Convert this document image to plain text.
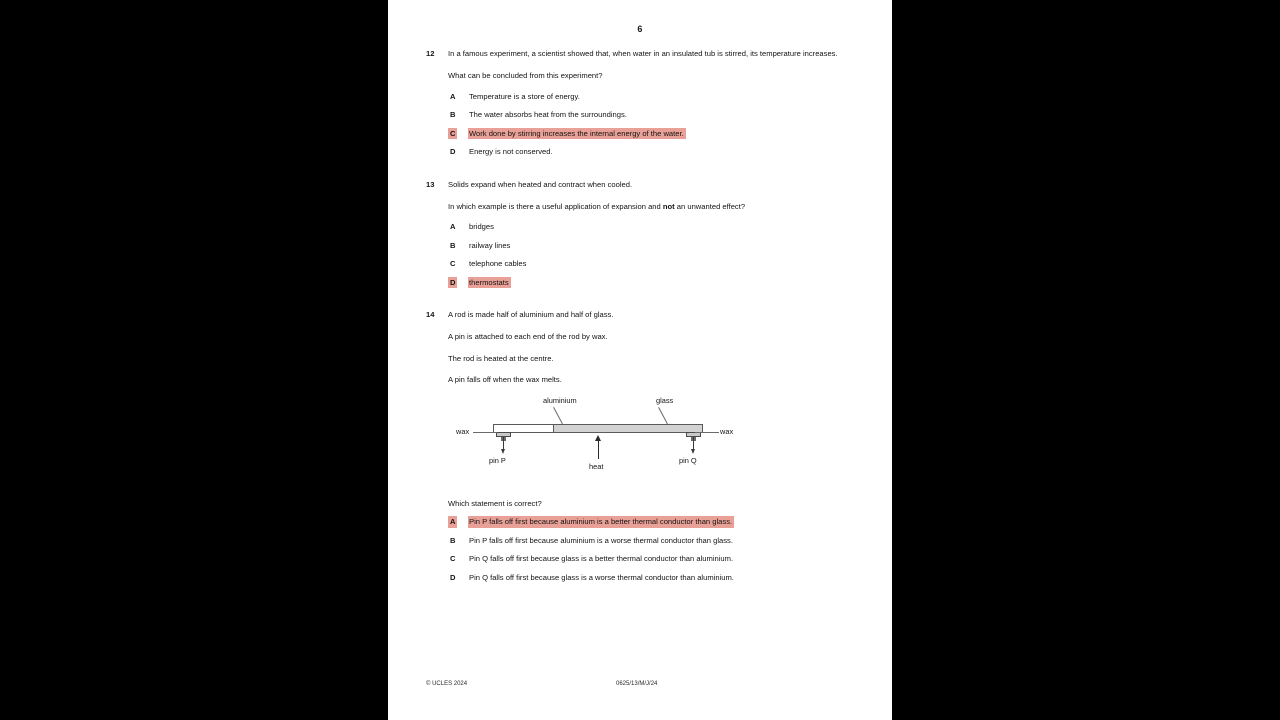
6
12	In a famous experiment, a scientist showed that, when water in an insulated tub is stirred, its temperature increases.
What can be concluded from this experiment?
A Temperature is a store of energy.
B The water absorbs heat from the surroundings.
C Work done by stirring increases the internal energy of the water.
D Energy is not conserved.
13	Solids expand when heated and contract when cooled.
In which example is there a useful application of expansion and not an unwanted effect?
A bridges
B railway lines
C telephone cables
D thermostats
14	A rod is made half of aluminium and half of glass.
A pin is attached to each end of the rod by wax.
The rod is heated at the centre.
A pin falls off when the wax melts.
aluminium	glass
pin P
wax
pin Q
wax
heat
Which statement is correct?
A Pin P falls off first because aluminium is a better thermal conductor than glass.
B Pin P falls off first because aluminium is a worse thermal conductor than glass.
C Pin Q falls off first because glass is a better thermal conductor than aluminium.
D Pin Q falls off first because glass is a worse thermal conductor than aluminium.
© UCLES 2024	0625/13/M/J/24
